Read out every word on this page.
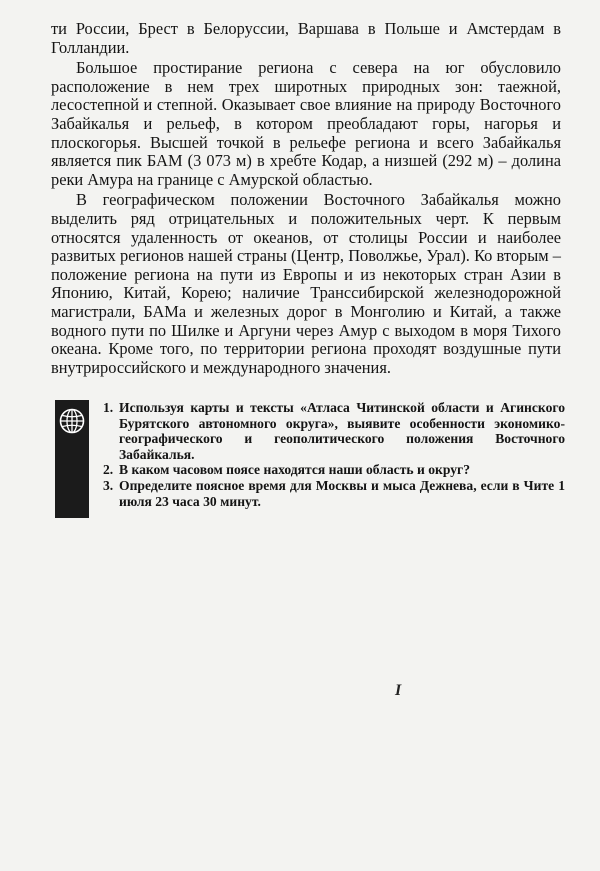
ти России, Брест в Белоруссии, Варшава в Польше и Амстердам в Голландии.

Большое простирание региона с севера на юг обусловило расположение в нем трех широтных природных зон: таежной, лесостепной и степной. Оказывает свое влияние на природу Восточного Забайкалья и рельеф, в котором преобладают горы, нагорья и плоскогорья. Высшей точкой в рельефе региона и всего Забайкалья является пик БАМ (3 073 м) в хребте Кодар, а низшей (292 м) – долина реки Амура на границе с Амурской областью.

В географическом положении Восточного Забайкалья можно выделить ряд отрицательных и положительных черт. К первым относятся удаленность от океанов, от столицы России и наиболее развитых регионов нашей страны (Центр, Поволжье, Урал). Ко вторым – положение региона на пути из Европы и из некоторых стран Азии в Японию, Китай, Корею; наличие Транссибирской железнодорожной магистрали, БАМа и железных дорог в Монголию и Китай, а также водного пути по Шилке и Аргуни через Амур с выходом в моря Тихого океана. Кроме того, по территории региона проходят воздушные пути внутрироссийского и международного значения.

1. Используя карты и тексты «Атласа Читинской области и Агинского Бурятского автономного округа», выявите особенности экономико-географического и геополитического положения Восточного Забайкалья.
2. В каком часовом поясе находятся наши область и округ?
3. Определите поясное время для Москвы и мыса Дежнева, если в Чите 1 июля 23 часа 30 минут.
I
